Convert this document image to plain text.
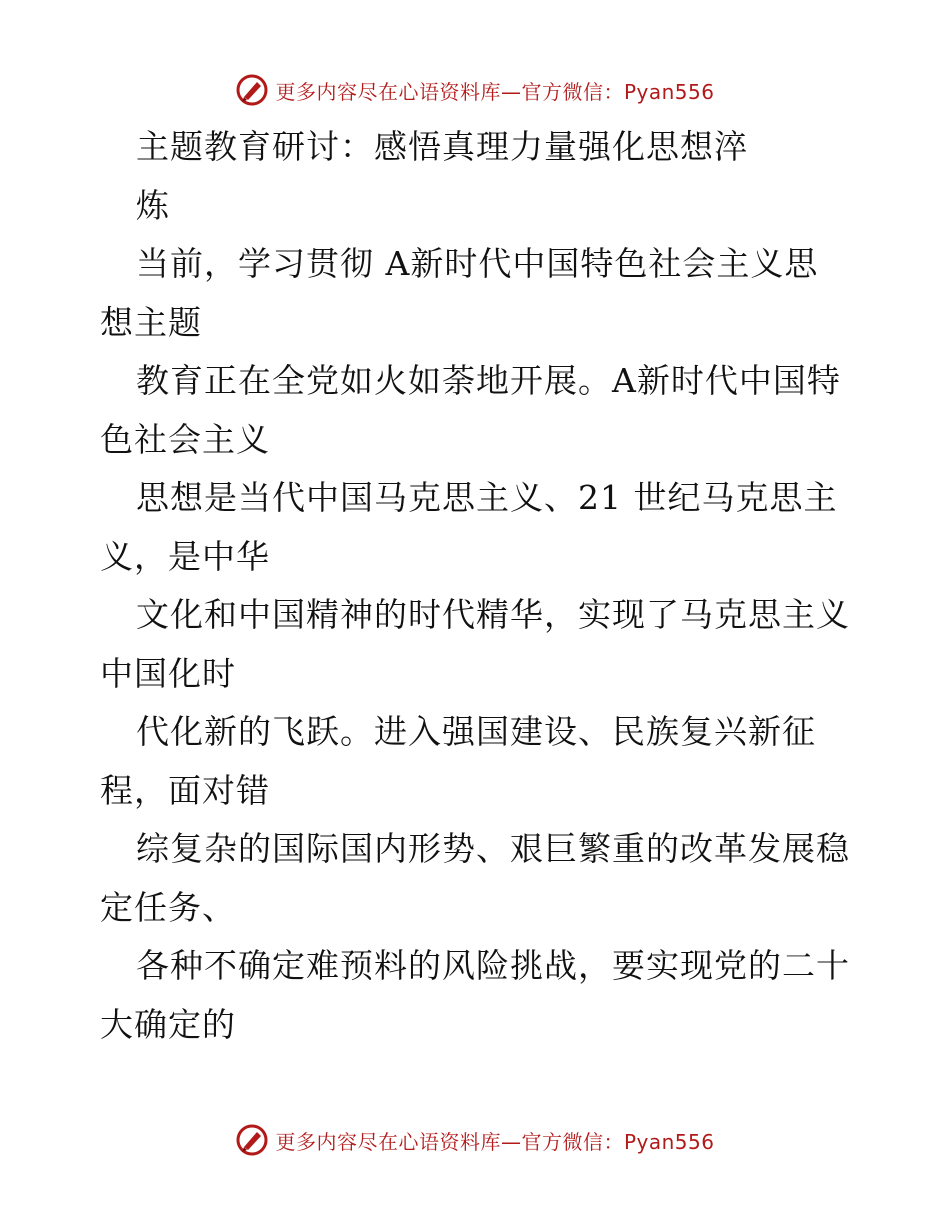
更多内容尽在心语资料库—官方微信：Pyan556

主题教育研讨：感悟真理力量强化思想淬

炼

当前，学习贯彻 A新时代中国特色社会主义思

想主题

教育正在全党如火如荼地开展。A新时代中国特

色社会主义

思想是当代中国马克思主义、21 世纪马克思主

义，是中华

文化和中国精神的时代精华，实现了马克思主义

中国化时

代化新的飞跃。进入强国建设、民族复兴新征

程，面对错

综复杂的国际国内形势、艰巨繁重的改革发展稳

定任务、

各种不确定难预料的风险挑战，要实现党的二十

大确定的

更多内容尽在心语资料库—官方微信：Pyan556
